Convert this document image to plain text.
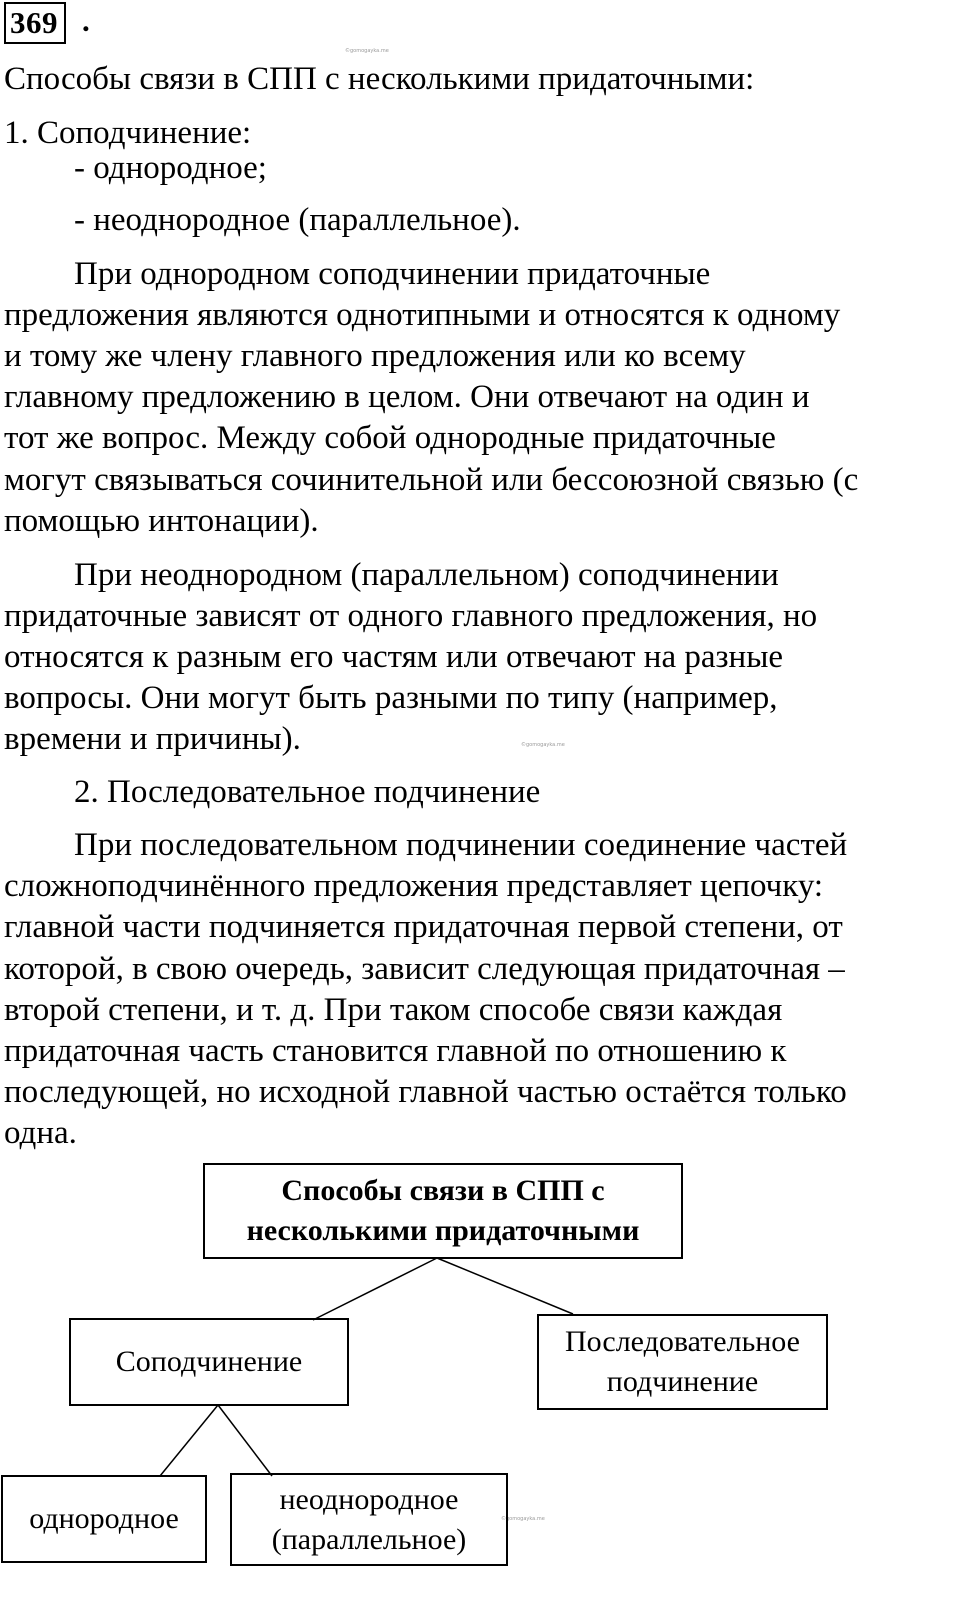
369 .
©gomogayka.me
©gomogayka.me
©gomogayka.me
Способы связи в СПП с несколькими придаточными:
1. Соподчинение:
- однородное;
- неоднородное (параллельное).
При однородном соподчинении придаточные
предложения являются однотипными и относятся к одному
и тому же члену главного предложения или ко всему
главному предложению в целом. Они отвечают на один и
тот же вопрос. Между собой однородные придаточные
могут связываться сочинительной или бессоюзной связью (с
помощью интонации).
При неоднородном (параллельном) соподчинении
придаточные зависят от одного главного предложения, но
относятся к разным его частям или отвечают на разные
вопросы. Они могут быть разными по типу (например,
времени и причины).
2. Последовательное подчинение
При последовательном подчинении соединение частей
сложноподчинённого предложения представляет цепочку:
главной части подчиняется придаточная первой степени, от
которой, в свою очередь, зависит следующая придаточная –
второй степени, и т. д. При таком способе связи каждая
придаточная часть становится главной по отношению к
последующей, но исходной главной частью остаётся только
одна.
Способы связи в СПП с
несколькими придаточными
Соподчинение
Последовательное
подчинение
однородное
неоднородное
(параллельное)
